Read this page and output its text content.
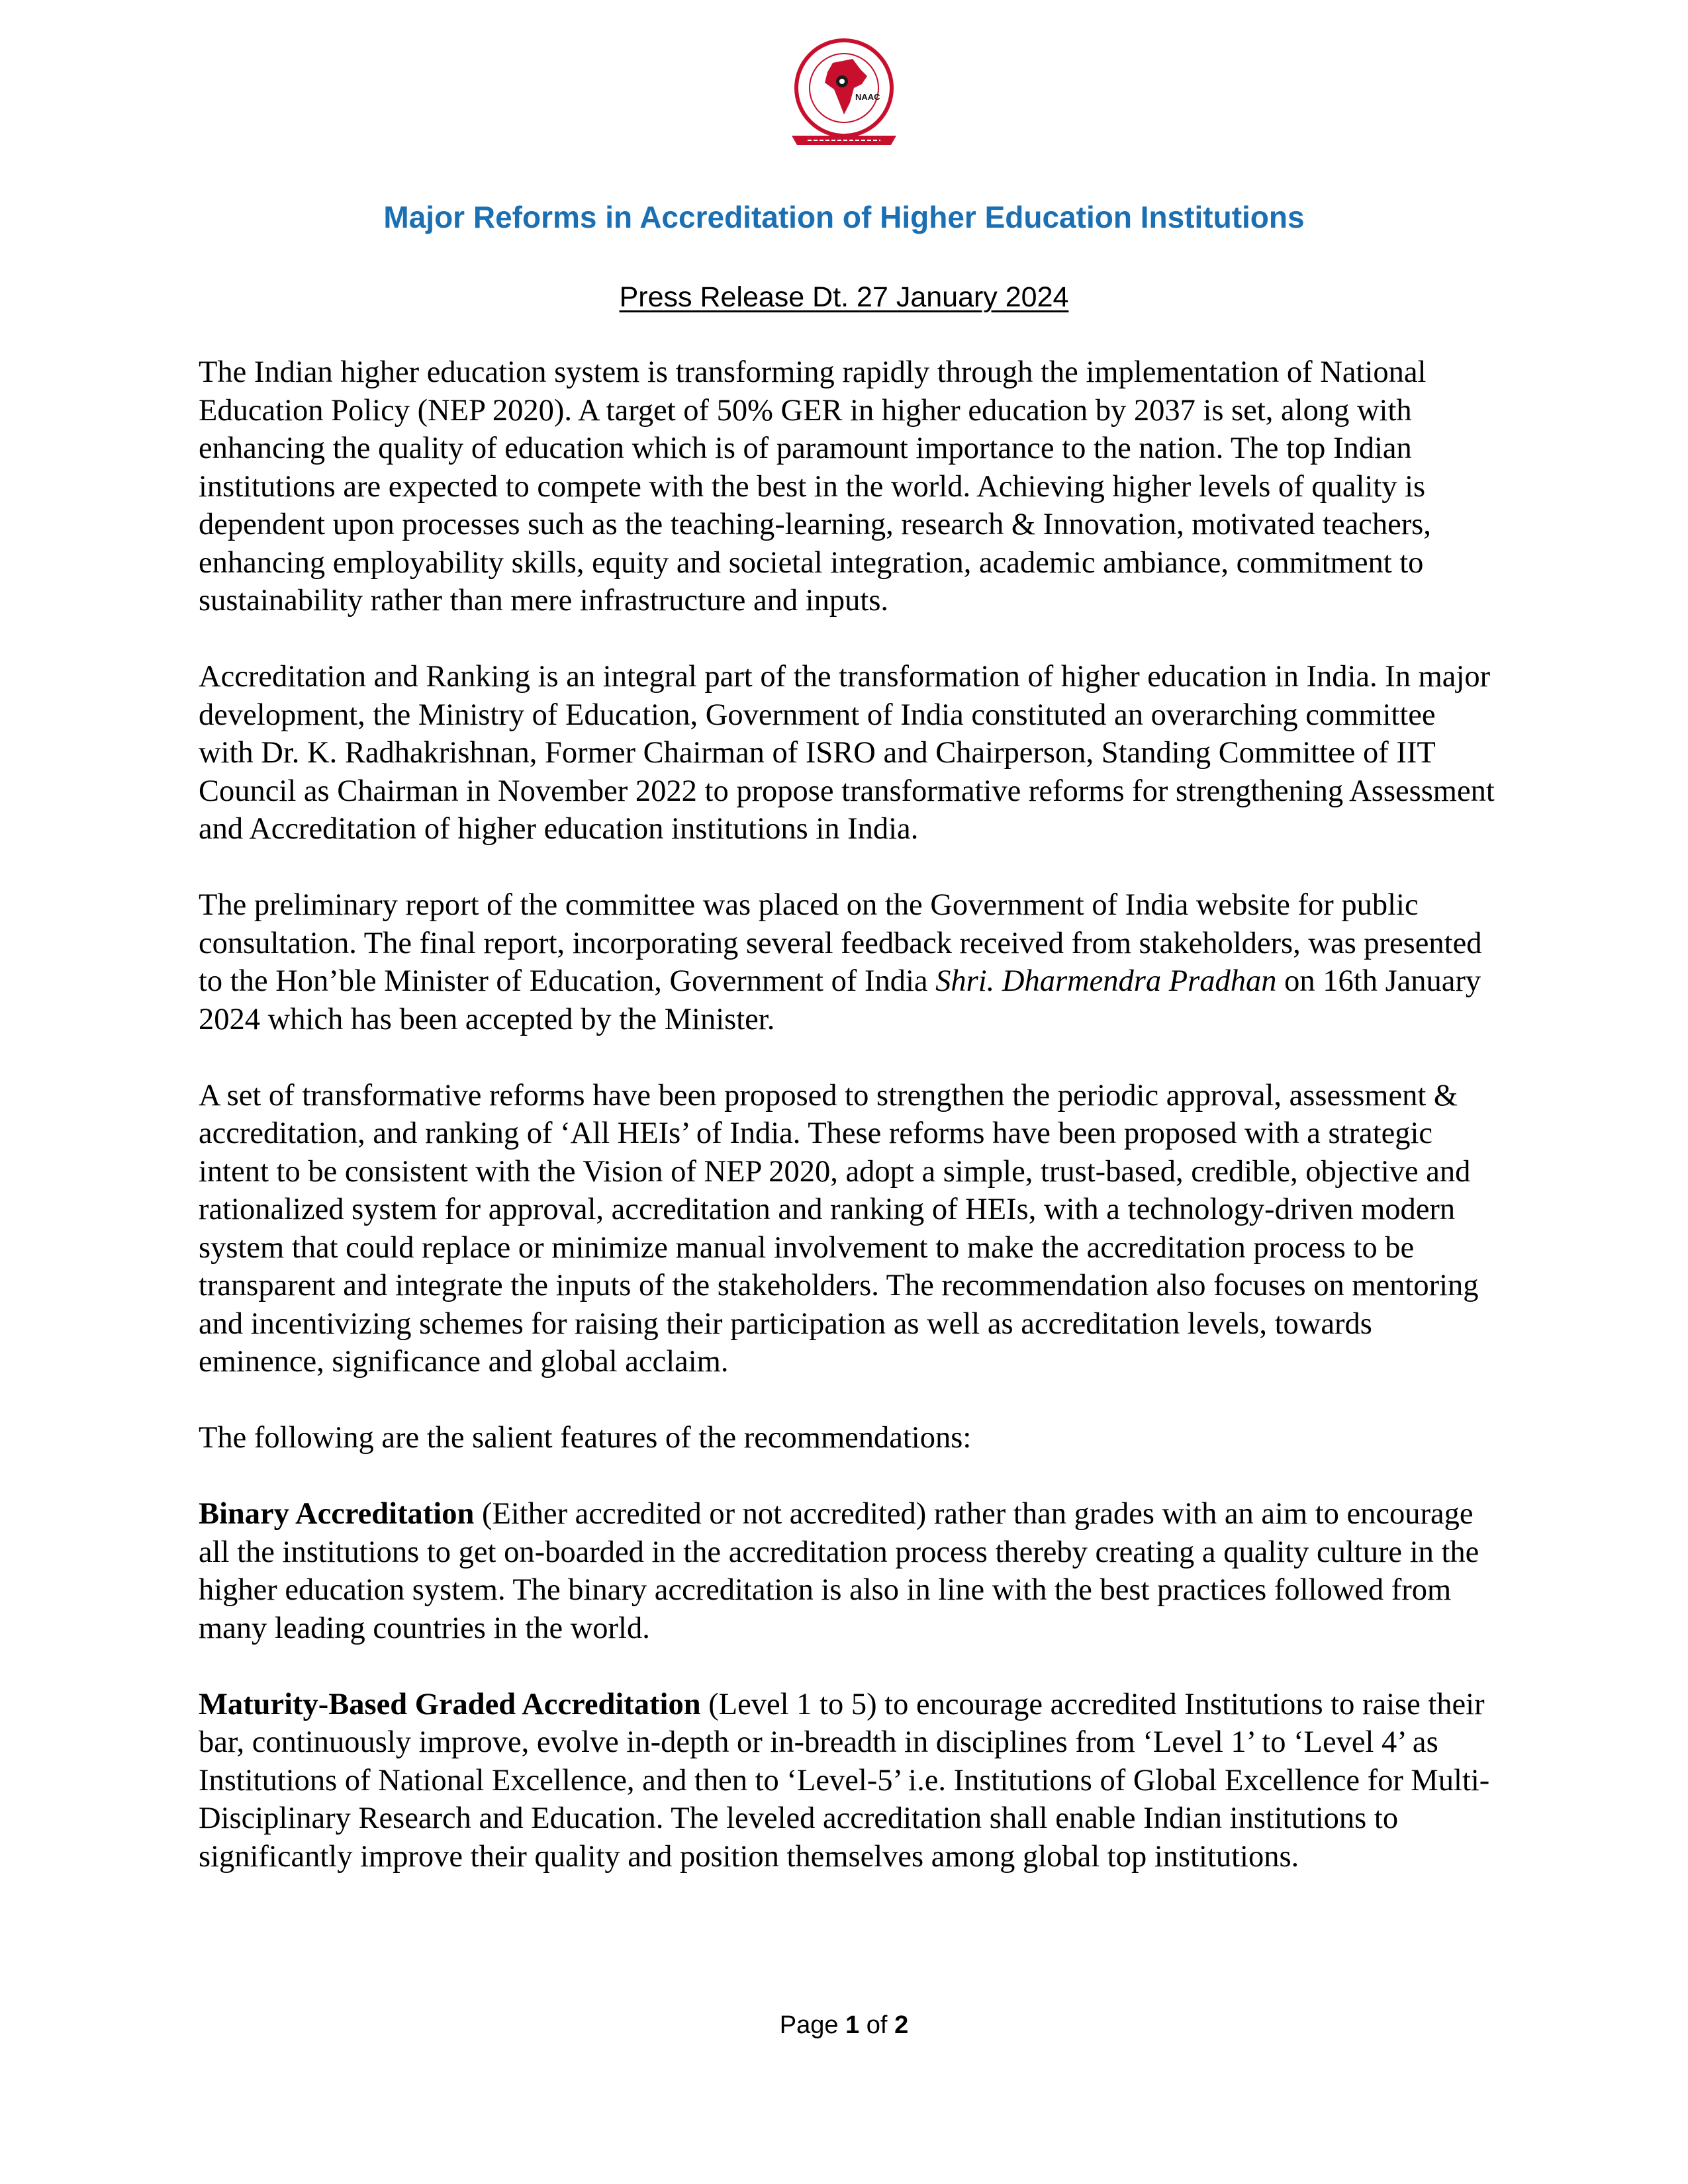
NAAC
Major Reforms in Accreditation of Higher Education Institutions
Press Release Dt. 27 January 2024

The Indian higher education system is transforming rapidly through the implementation of National Education Policy (NEP 2020). A target of 50% GER in higher education by 2037 is set, along with enhancing the quality of education which is of paramount importance to the nation. The top Indian institutions are expected to compete with the best in the world. Achieving higher levels of quality is dependent upon processes such as the teaching-learning, research & Innovation, motivated teachers, enhancing employability skills, equity and societal integration, academic ambiance, commitment to sustainability rather than mere infrastructure and inputs.

Accreditation and Ranking is an integral part of the transformation of higher education in India. In major development, the Ministry of Education, Government of India constituted an overarching committee with Dr. K. Radhakrishnan, Former Chairman of ISRO and Chairperson, Standing Committee of IIT Council as Chairman in November 2022 to propose transformative reforms for strengthening Assessment and Accreditation of higher education institutions in India.

The preliminary report of the committee was placed on the Government of India website for public consultation. The final report, incorporating several feedback received from stakeholders, was presented to the Hon’ble Minister of Education, Government of India Shri. Dharmendra Pradhan on 16th January 2024 which has been accepted by the Minister.

A set of transformative reforms have been proposed to strengthen the periodic approval, assessment & accreditation, and ranking of ‘All HEIs’ of India. These reforms have been proposed with a strategic intent to be consistent with the Vision of NEP 2020, adopt a simple, trust-based, credible, objective and rationalized system for approval, accreditation and ranking of HEIs, with a technology-driven modern system that could replace or minimize manual involvement to make the accreditation process to be transparent and integrate the inputs of the stakeholders. The recommendation also focuses on mentoring and incentivizing schemes for raising their participation as well as accreditation levels, towards eminence, significance and global acclaim.

The following are the salient features of the recommendations:

Binary Accreditation (Either accredited or not accredited) rather than grades with an aim to encourage all the institutions to get on-boarded in the accreditation process thereby creating a quality culture in the higher education system. The binary accreditation is also in line with the best practices followed from many leading countries in the world.

Maturity-Based Graded Accreditation (Level 1 to 5) to encourage accredited Institutions to raise their bar, continuously improve, evolve in-depth or in-breadth in disciplines from ‘Level 1’ to ‘Level 4’ as Institutions of National Excellence, and then to ‘Level-5’ i.e. Institutions of Global Excellence for Multi-Disciplinary Research and Education. The leveled accreditation shall enable Indian institutions to significantly improve their quality and position themselves among global top institutions.

Page 1 of 2
